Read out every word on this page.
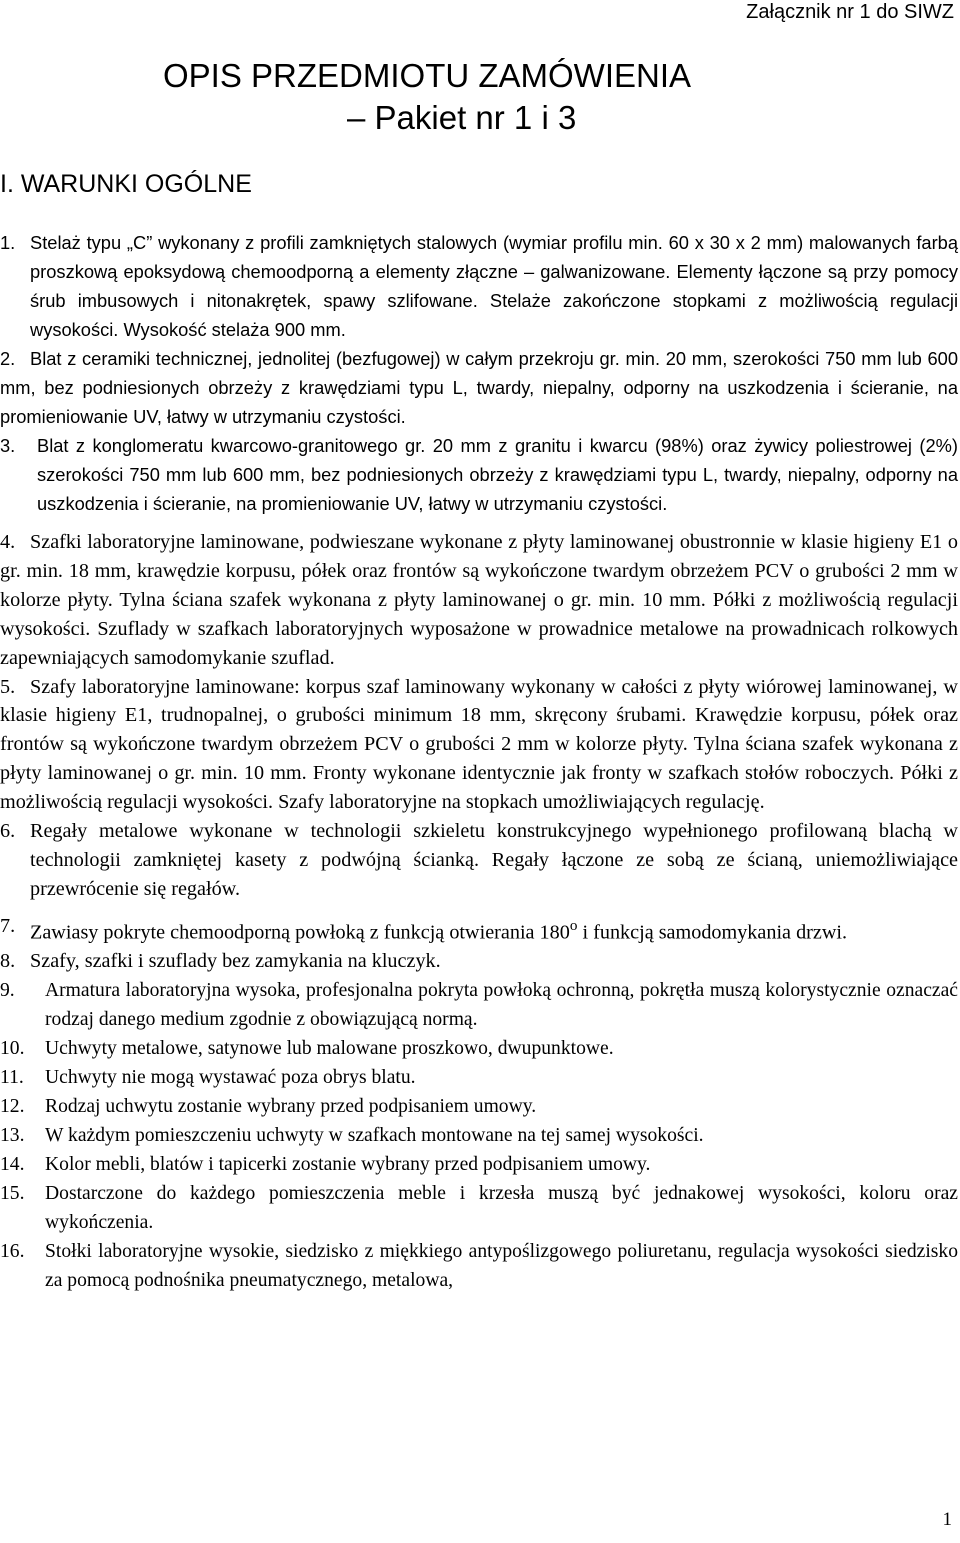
Załącznik nr 1 do SIWZ
OPIS PRZEDMIOTU ZAMÓWIENIA
– Pakiet nr 1 i 3
I. WARUNKI OGÓLNE
1. Stelaż typu „C” wykonany z profili zamkniętych stalowych (wymiar profilu min. 60 x 30 x 2 mm) malowanych farbą proszkową epoksydową chemoodporną a elementy złączne – galwanizowane. Elementy łączone są przy pomocy śrub imbusowych i nitonakrętek, spawy szlifowane. Stelaże zakończone stopkami z możliwością regulacji wysokości. Wysokość stelaża 900 mm.
2. Blat z ceramiki technicznej, jednolitej (bezfugowej) w całym przekroju gr. min. 20 mm, szerokości 750 mm lub 600 mm, bez podniesionych obrzeży z krawędziami typu L, twardy, niepalny, odporny na uszkodzenia i ścieranie, na promieniowanie UV, łatwy w utrzymaniu czystości.
3.	Blat z konglomeratu kwarcowo-granitowego gr. 20 mm z granitu i kwarcu (98%) oraz żywicy poliestrowej (2%) szerokości 750 mm lub 600 mm, bez podniesionych obrzeży z krawędziami typu L, twardy, niepalny, odporny na uszkodzenia i ścieranie, na promieniowanie UV, łatwy w utrzymaniu czystości.
4. Szafki laboratoryjne laminowane, podwieszane wykonane z płyty laminowanej obustronnie w klasie higieny E1 o gr. min. 18 mm, krawędzie korpusu, półek oraz frontów są wykończone twardym obrzeżem PCV o grubości 2 mm w kolorze płyty. Tylna ściana szafek wykonana z płyty laminowanej o gr. min. 10 mm. Półki z możliwością regulacji wysokości. Szuflady w szafkach laboratoryjnych wyposażone w prowadnice metalowe na prowadnicach rolkowych zapewniających samodomykanie szuflad.
5. Szafy laboratoryjne laminowane: korpus szaf laminowany wykonany w całości z płyty wiórowej laminowanej, w klasie higieny E1, trudnopalnej, o grubości minimum 18 mm, skręcony śrubami. Krawędzie korpusu, półek oraz frontów są wykończone twardym obrzeżem PCV o grubości 2 mm w kolorze płyty. Tylna ściana szafek wykonana z płyty laminowanej o gr. min. 10 mm. Fronty wykonane identycznie jak fronty w szafkach stołów roboczych. Półki z możliwością regulacji wysokości. Szafy laboratoryjne na stopkach umożliwiających regulację.
6. Regały metalowe wykonane w technologii szkieletu konstrukcyjnego wypełnionego profilowaną blachą w technologii zamkniętej kasety z podwójną ścianką. Regały łączone ze sobą ze ścianą, uniemożliwiające przewrócenie się regałów.
7. Zawiasy pokryte chemoodporną powłoką z funkcją otwierania 180$^o$ i funkcją samodomykania drzwi.
8. Szafy, szafki i szuflady bez zamykania na kluczyk.
9.	Armatura laboratoryjna wysoka, profesjonalna pokryta powłoką ochronną, pokrętła muszą kolorystycznie oznaczać rodzaj danego medium zgodnie z obowiązującą normą.
10.	Uchwyty metalowe, satynowe lub malowane proszkowo, dwupunktowe.
11.	Uchwyty nie mogą wystawać poza obrys blatu.
12.	Rodzaj uchwytu zostanie wybrany przed podpisaniem umowy.
13.	W każdym pomieszczeniu uchwyty w szafkach montowane na tej samej wysokości.
14.	Kolor mebli, blatów i tapicerki zostanie wybrany przed podpisaniem umowy.
15.	Dostarczone do każdego pomieszczenia meble i krzesła muszą być jednakowej wysokości, koloru oraz wykończenia.
16.	Stołki laboratoryjne wysokie, siedzisko z miękkiego antypoślizgowego poliuretanu, regulacja wysokości siedzisko za pomocą podnośnika pneumatycznego, metalowa,
1
